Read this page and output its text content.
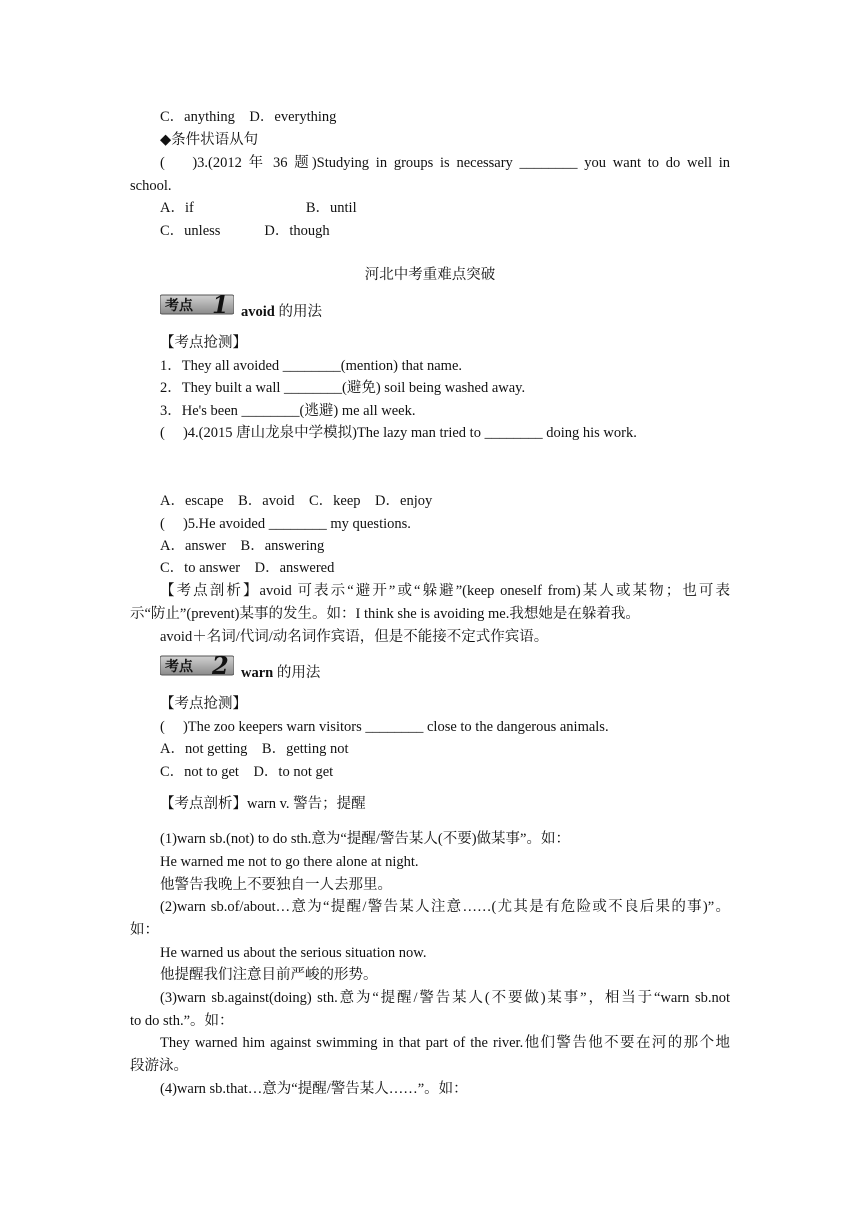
C．anything　D．everything
◆条件状语从句
(　 )3.(2012 年 36 题)Studying in groups is necessary ________ you want to do well in
school.
A．if	B．until
C．unless	D．though
河北中考重难点突破
考点 1 avoid 的用法
【考点抢测】
1．They all avoided ________(mention) that name.
2．They built a wall ________(避免) soil being washed away.
3．He's been ________(逃避) me all week.
(　 )4.(2015 唐山龙泉中学模拟)The lazy man tried to ________ doing his work.
A．escape　B．avoid　C．keep　D．enjoy
(　 )5.He avoided ________ my questions.
A．answer　B．answering
C．to answer　D．answered
【考点剖析】avoid 可表示“避开”或“躲避”(keep oneself from)某人或某物；也可表
示“防止”(prevent)某事的发生。如：I think she is avoiding me.我想她是在躲着我。
avoid＋名词/代词/动名词作宾语，但是不能接不定式作宾语。
考点 2 warn 的用法
【考点抢测】
(　 )The zoo keepers warn visitors ________ close to the dangerous animals.
A．not getting　B．getting not
C．not to get　D．to not get
【考点剖析】warn v. 警告；提醒
(1)warn sb.(not) to do sth.意为“提醒/警告某人(不要)做某事”。如：
He warned me not to go there alone at night.
他警告我晚上不要独自一人去那里。
(2)warn sb.of/about…意为“提醒/警告某人注意……(尤其是有危险或不良后果的事)”。
如：
He warned us about the serious situation now.
他提醒我们注意目前严峻的形势。
(3)warn sb.against(doing) sth.意为“提醒/警告某人(不要做)某事”，相当于“warn sb.not
to do sth.”。如：
They warned him against swimming in that part of the river.他们警告他不要在河的那个地
段游泳。
(4)warn sb.that…意为“提醒/警告某人……”。如：
